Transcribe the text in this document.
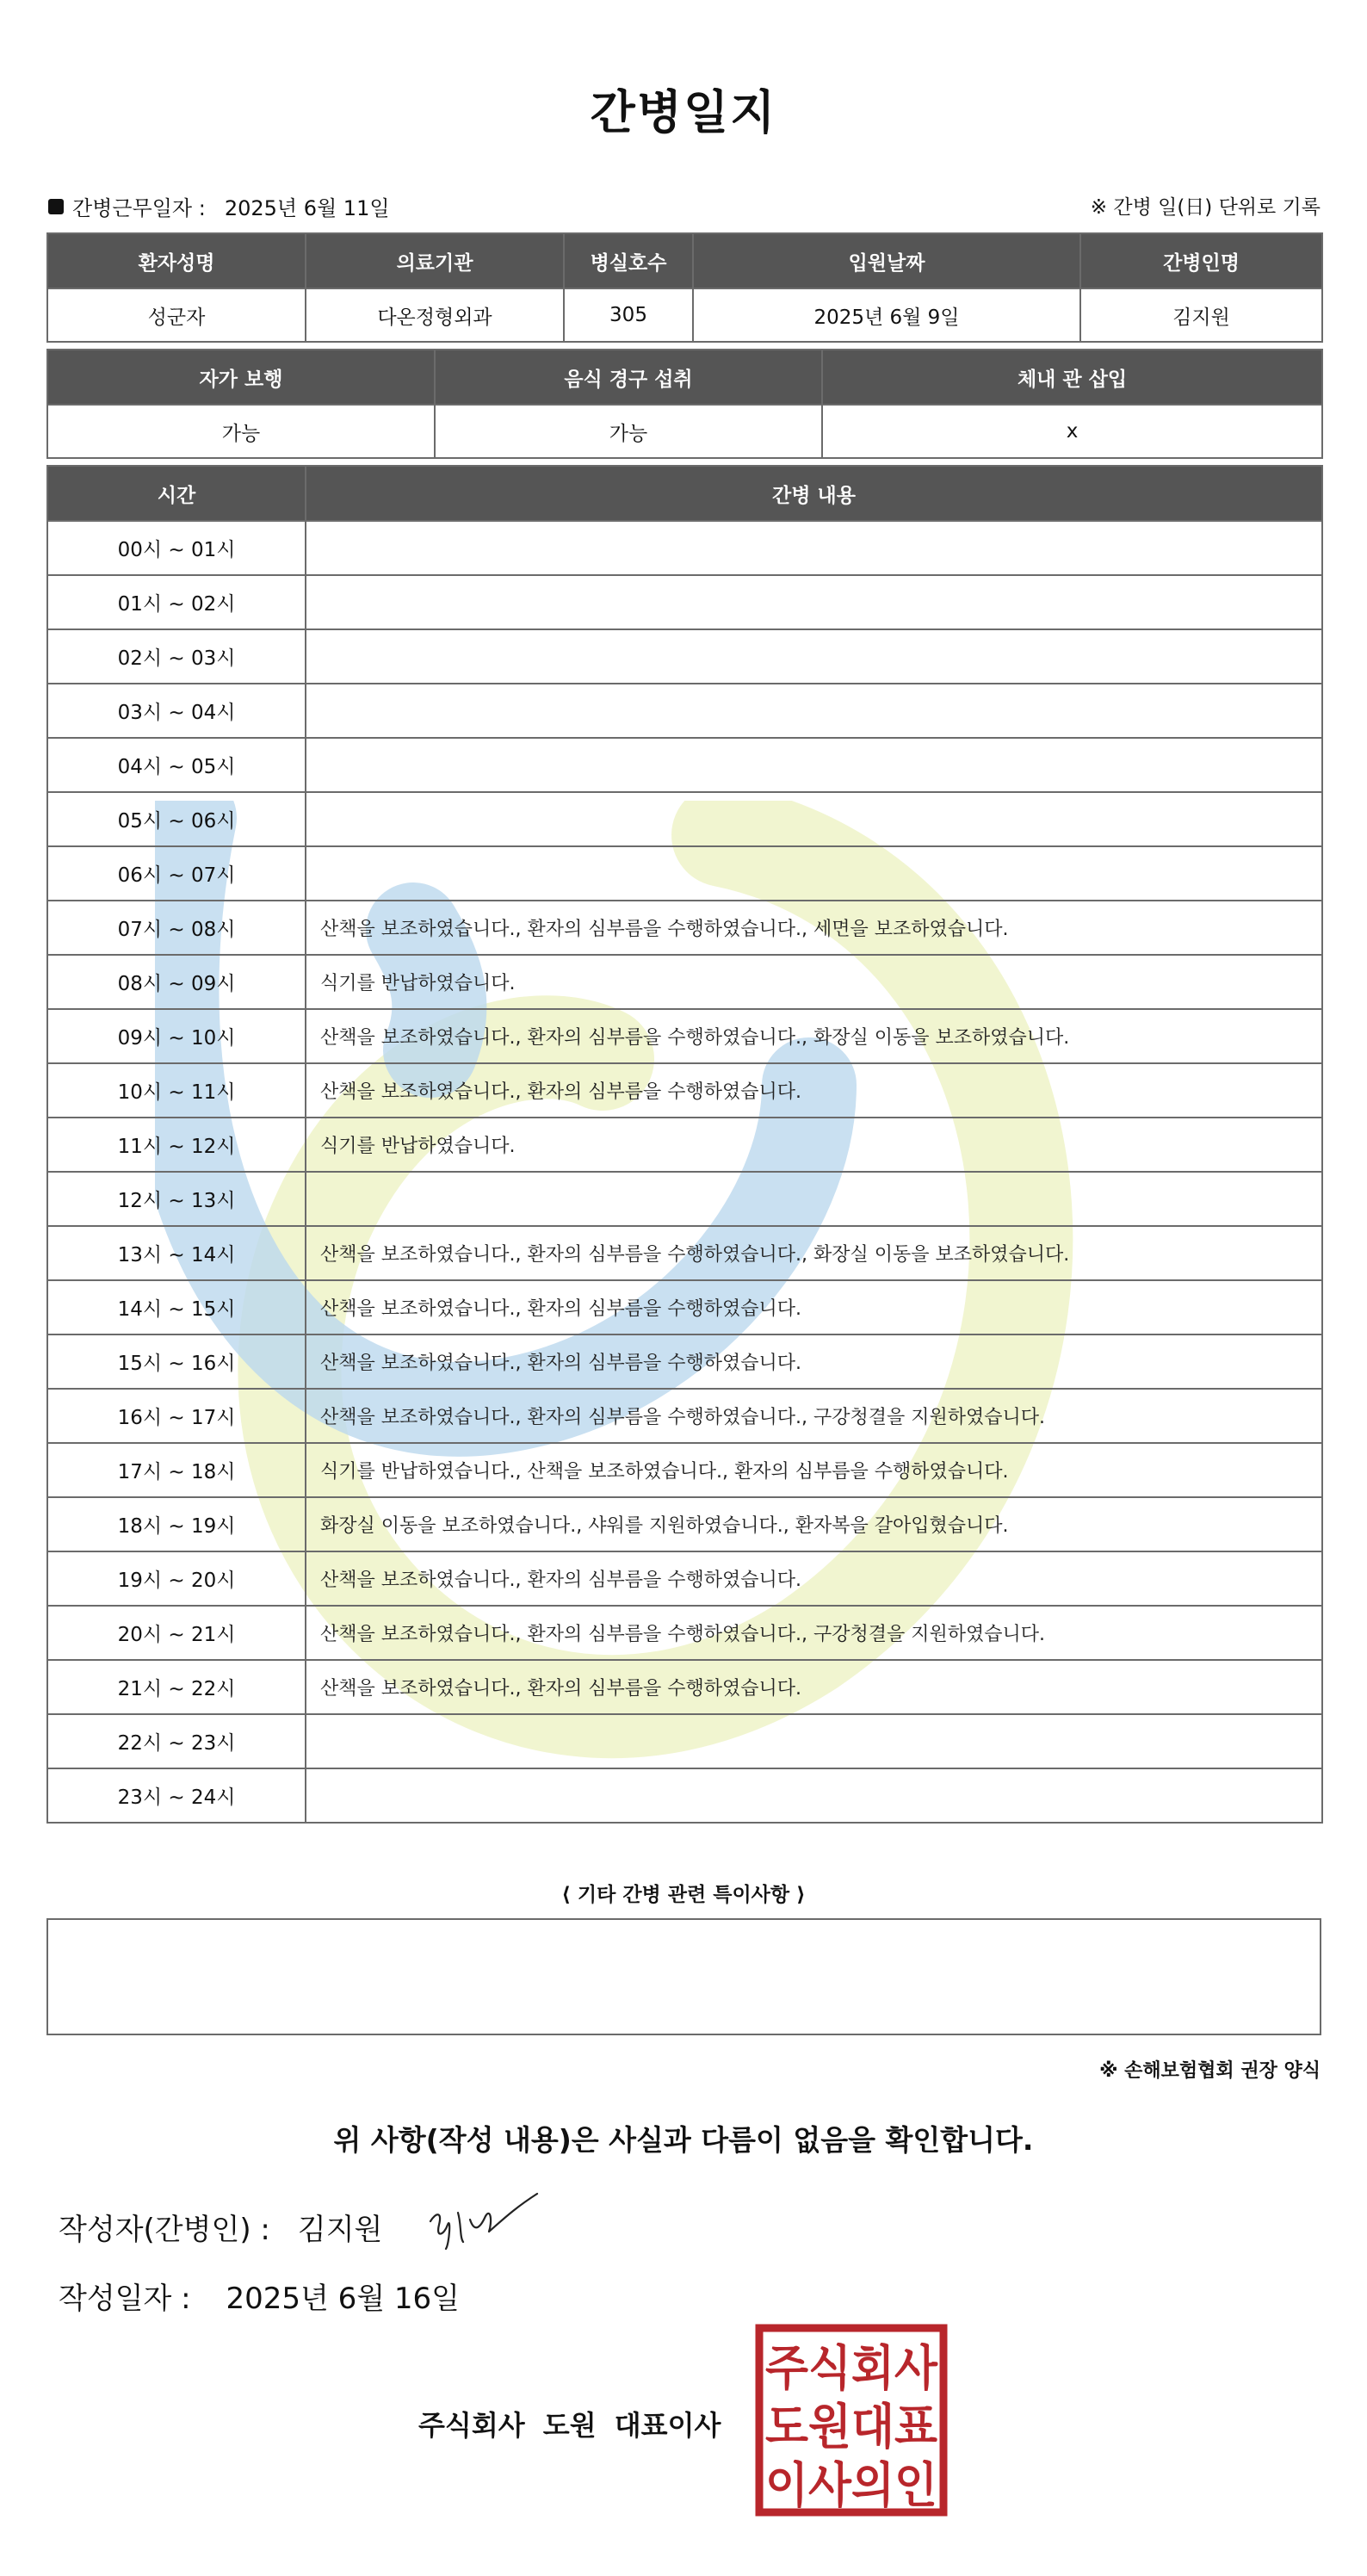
간병일지
간병근무일자 : 2025년 6월 11일	※ 간병 일(日) 단위로 기록
환자성명	의료기관	병실호수	입원날짜	간병인명
성군자	다온정형외과	305	2025년 6월 9일	김지원
자가 보행	음식 경구 섭취	체내 관 삽입
가능	가능	x
시간	간병 내용
00시 ~ 01시	
01시 ~ 02시	
02시 ~ 03시	
03시 ~ 04시	
04시 ~ 05시	
05시 ~ 06시	
06시 ~ 07시	
07시 ~ 08시	산책을 보조하였습니다., 환자의 심부름을 수행하였습니다., 세면을 보조하였습니다.
08시 ~ 09시	식기를 반납하였습니다.
09시 ~ 10시	산책을 보조하였습니다., 환자의 심부름을 수행하였습니다., 화장실 이동을 보조하였습니다.
10시 ~ 11시	산책을 보조하였습니다., 환자의 심부름을 수행하였습니다.
11시 ~ 12시	식기를 반납하였습니다.
12시 ~ 13시	
13시 ~ 14시	산책을 보조하였습니다., 환자의 심부름을 수행하였습니다., 화장실 이동을 보조하였습니다.
14시 ~ 15시	산책을 보조하였습니다., 환자의 심부름을 수행하였습니다.
15시 ~ 16시	산책을 보조하였습니다., 환자의 심부름을 수행하였습니다.
16시 ~ 17시	산책을 보조하였습니다., 환자의 심부름을 수행하였습니다., 구강청결을 지원하였습니다.
17시 ~ 18시	식기를 반납하였습니다., 산책을 보조하였습니다., 환자의 심부름을 수행하였습니다.
18시 ~ 19시	화장실 이동을 보조하였습니다., 샤워를 지원하였습니다., 환자복을 갈아입혔습니다.
19시 ~ 20시	산책을 보조하였습니다., 환자의 심부름을 수행하였습니다.
20시 ~ 21시	산책을 보조하였습니다., 환자의 심부름을 수행하였습니다., 구강청결을 지원하였습니다.
21시 ~ 22시	산책을 보조하였습니다., 환자의 심부름을 수행하였습니다.
22시 ~ 23시	
23시 ~ 24시	
⟨ 기타 간병 관련 특이사항 ⟩
※ 손해보험협회 권장 양식
위 사항(작성 내용)은 사실과 다름이 없음을 확인합니다.
작성자(간병인) : 김지원
작성일자 : 2025년 6월 16일
주식회사 도원 대표이사
주식회사
도원대표
이사의인
